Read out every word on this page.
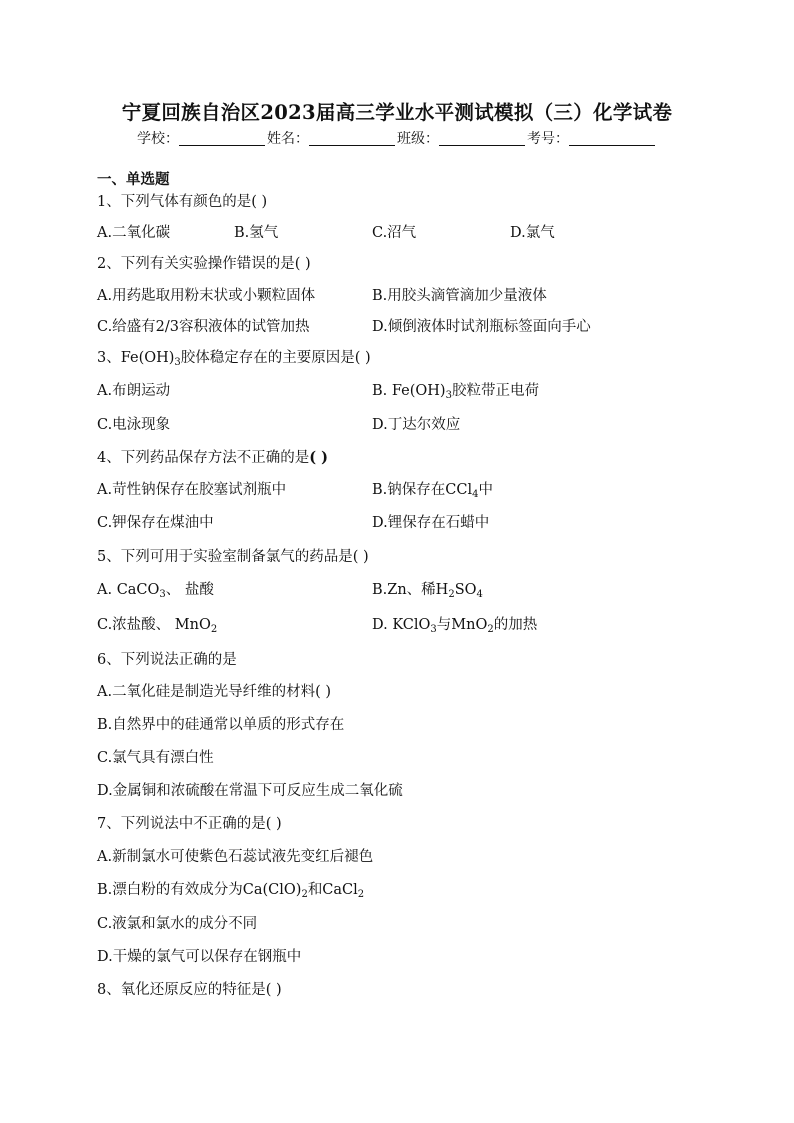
宁夏回族自治区2023届高三学业水平测试模拟（三）化学试卷
学校：	姓名：	班级：	考号：
一、单选题
1、下列气体有颜色的是( )
A.二氧化碳	B.氢气	C.沼气	D.氯气
2、下列有关实验操作错误的是( )
A.用药匙取用粉末状或小颗粒固体	B.用胶头滴管滴加少量液体
C.给盛有2/3容积液体的试管加热	D.倾倒液体时试剂瓶标签面向手心
3、$Fe(OH)_3$胶体稳定存在的主要原因是( )
A.布朗运动	B. $Fe(OH)_3$胶粒带正电荷
C.电泳现象	D.丁达尔效应
4、下列药品保存方法不正确的是( )
A.苛性钠保存在胶塞试剂瓶中	B.钠保存在CCl$_4$中
C.钾保存在煤油中	D.锂保存在石蜡中
5、下列可用于实验室制备氯气的药品是( )
A. CaCO$_3$、 盐酸	B.Zn、稀$H_2SO_4$
C.浓盐酸、 MnO$_2$	D. KClO$_3$与MnO$_2$的加热
6、下列说法正确的是
A.二氧化硅是制造光导纤维的材料( )
B.自然界中的硅通常以单质的形式存在
C.氯气具有漂白性
D.金属铜和浓硫酸在常温下可反应生成二氧化硫
7、下列说法中不正确的是( )
A.新制氯水可使紫色石蕊试液先变红后褪色
B.漂白粉的有效成分为$Ca(ClO)_2$和CaCl$_2$
C.液氯和氯水的成分不同
D.干燥的氯气可以保存在钢瓶中
8、氧化还原反应的特征是( )
